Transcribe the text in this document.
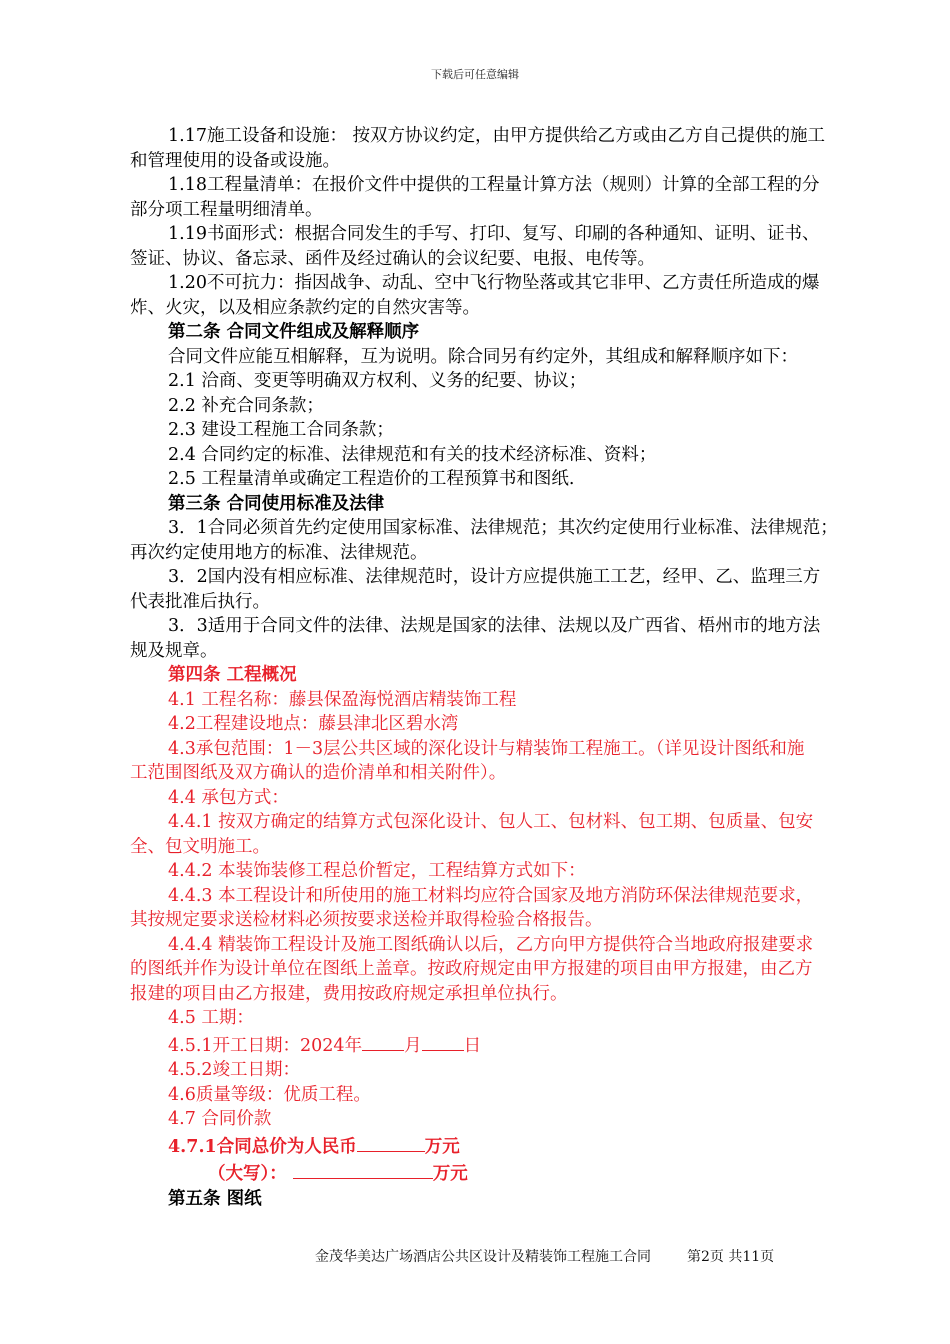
下载后可任意编辑
1.17施工设备和设施： 按双方协议约定，由甲方提供给乙方或由乙方自己提供的施工
和管理使用的设备或设施。
1.18工程量清单：在报价文件中提供的工程量计算方法（规则）计算的全部工程的分
部分项工程量明细清单。
1.19书面形式：根据合同发生的手写、打印、复写、印刷的各种通知、证明、证书、
签证、协议、备忘录、函件及经过确认的会议纪要、电报、电传等。
1.20不可抗力：指因战争、动乱、空中飞行物坠落或其它非甲、乙方责任所造成的爆
炸、火灾，以及相应条款约定的自然灾害等。
第二条 合同文件组成及解释顺序
合同文件应能互相解释，互为说明。除合同另有约定外，其组成和解释顺序如下：
2.1 洽商、变更等明确双方权利、义务的纪要、协议；
2.2 补充合同条款；
2.3 建设工程施工合同条款；
2.4 合同约定的标准、法律规范和有关的技术经济标准、资料；
2.5 工程量清单或确定工程造价的工程预算书和图纸.
第三条 合同使用标准及法律
3．1合同必须首先约定使用国家标准、法律规范；其次约定使用行业标准、法律规范；
再次约定使用地方的标准、法律规范。
3．2国内没有相应标准、法律规范时，设计方应提供施工工艺，经甲、乙、监理三方
代表批准后执行。
3．3适用于合同文件的法律、法规是国家的法律、法规以及广西省、梧州市的地方法
规及规章。
第四条 工程概况
4.1 工程名称：藤县保盈海悦酒店精装饰工程
4.2工程建设地点：藤县津北区碧水湾
4.3承包范围：1－3层公共区域的深化设计与精装饰工程施工。（详见设计图纸和施
工范围图纸及双方确认的造价清单和相关附件）。
4.4 承包方式：
4.4.1 按双方确定的结算方式包深化设计、包人工、包材料、包工期、包质量、包安
全、包文明施工。
4.4.2 本装饰装修工程总价暂定，工程结算方式如下：
4.4.3 本工程设计和所使用的施工材料均应符合国家及地方消防环保法律规范要求，
其按规定要求送检材料必须按要求送检并取得检验合格报告。
4.4.4 精装饰工程设计及施工图纸确认以后，乙方向甲方提供符合当地政府报建要求
的图纸并作为设计单位在图纸上盖章。按政府规定由甲方报建的项目由甲方报建，由乙方
报建的项目由乙方报建，费用按政府规定承担单位执行。
4.5 工期：
4.5.1开工日期：2024年 月 日
4.5.2竣工日期：
4.6质量等级：优质工程。
4.7 合同价款
4.7.1合同总价为人民币	万元
（大写）：	万元
第五条 图纸
金茂华美达广场酒店公共区设计及精装饰工程施工合同	第2页 共11页
